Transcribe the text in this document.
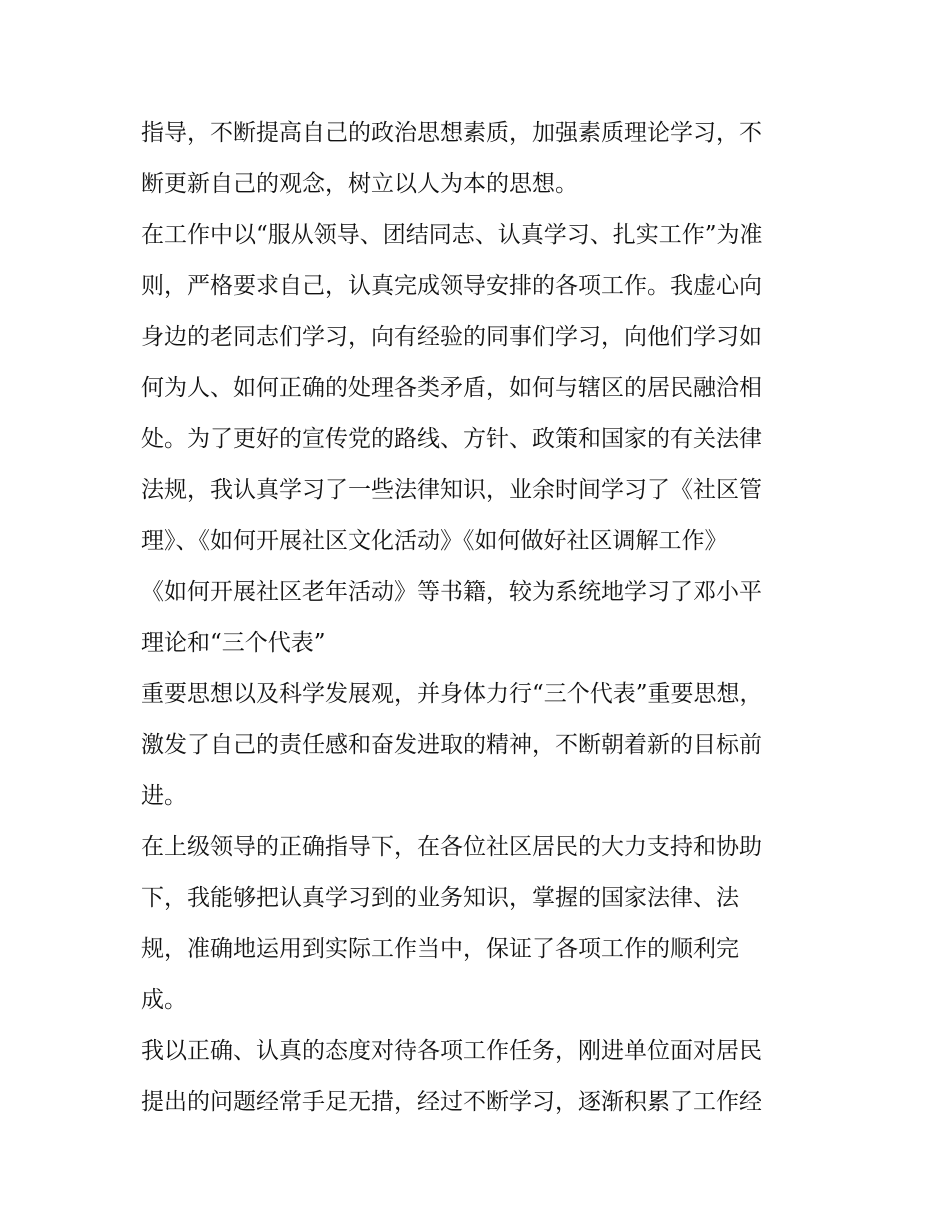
指导，不断提高自己的政治思想素质，加强素质理论学习，不
断更新自己的观念，树立以人为本的思想。
在工作中以“服从领导、团结同志、认真学习、扎实工作”为准
则，严格要求自己，认真完成领导安排的各项工作。我虚心向
身边的老同志们学习，向有经验的同事们学习，向他们学习如
何为人、如何正确的处理各类矛盾，如何与辖区的居民融洽相
处。为了更好的宣传党的路线、方针、政策和国家的有关法律
法规，我认真学习了一些法律知识，业余时间学习了《社区管
理》、《如何开展社区文化活动》《如何做好社区调解工作》
《如何开展社区老年活动》等书籍，较为系统地学习了邓小平
理论和“三个代表”
重要思想以及科学发展观，并身体力行“三个代表”重要思想，
激发了自己的责任感和奋发进取的精神，不断朝着新的目标前
进。
在上级领导的正确指导下，在各位社区居民的大力支持和协助
下，我能够把认真学习到的业务知识，掌握的国家法律、法
规，准确地运用到实际工作当中，保证了各项工作的顺利完
成。
我以正确、认真的态度对待各项工作任务，刚进单位面对居民
提出的问题经常手足无措，经过不断学习，逐渐积累了工作经
